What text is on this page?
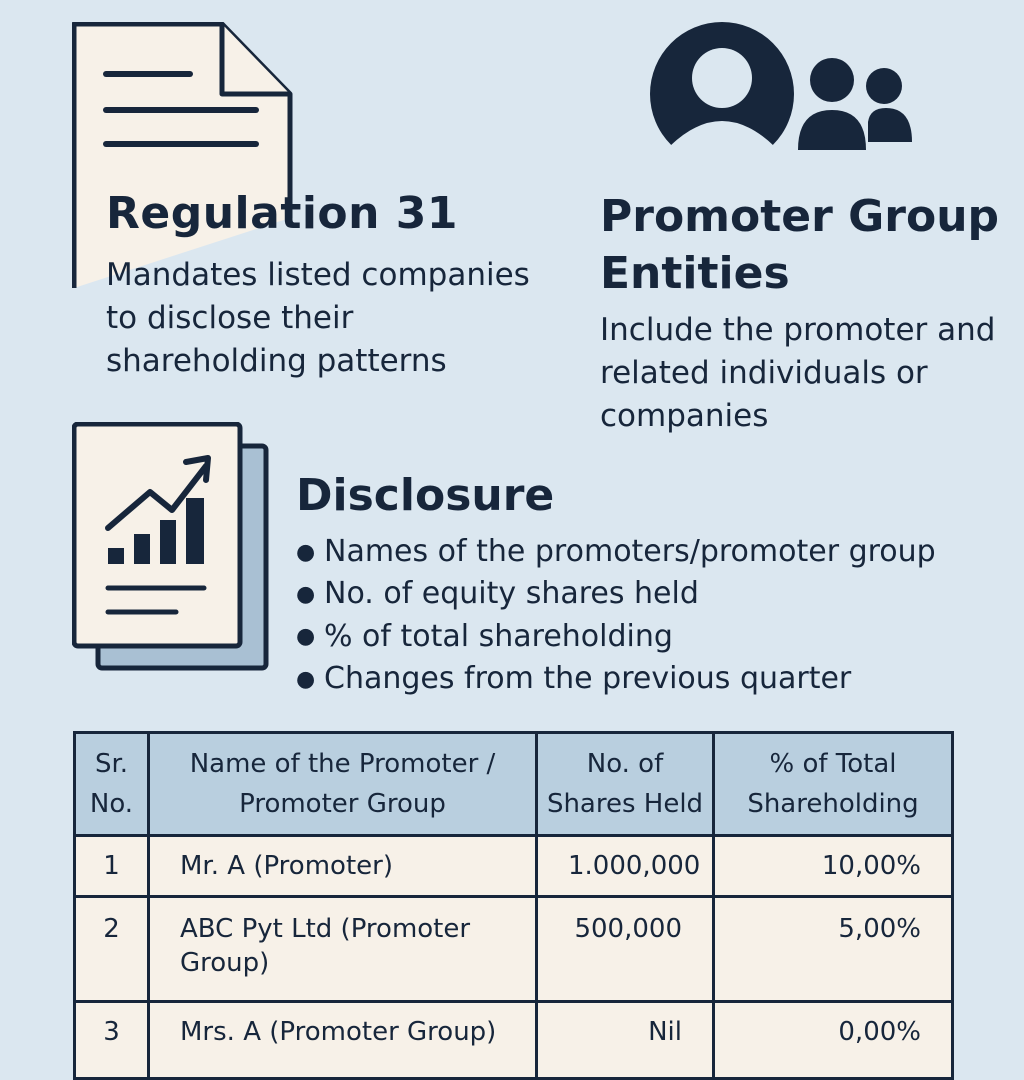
Regulation 31
Mandates listed companies to disclose their shareholding patterns
Promoter Group Entities
Include the promoter and related individuals or companies
Disclosure
● Names of the promoters/promoter group
● No. of equity shares held
● % of total shareholding
● Changes from the previous quarter
Sr. No.	Name of the Promoter / Promoter Group	No. of Shares Held	% of Total Shareholding
1	Mr. A (Promoter)	1.000,000	10,00%
2	ABC Pyt Ltd (Promoter Group)	500,000	5,00%
3	Mrs. A (Promoter Group)	Nil	0,00%
